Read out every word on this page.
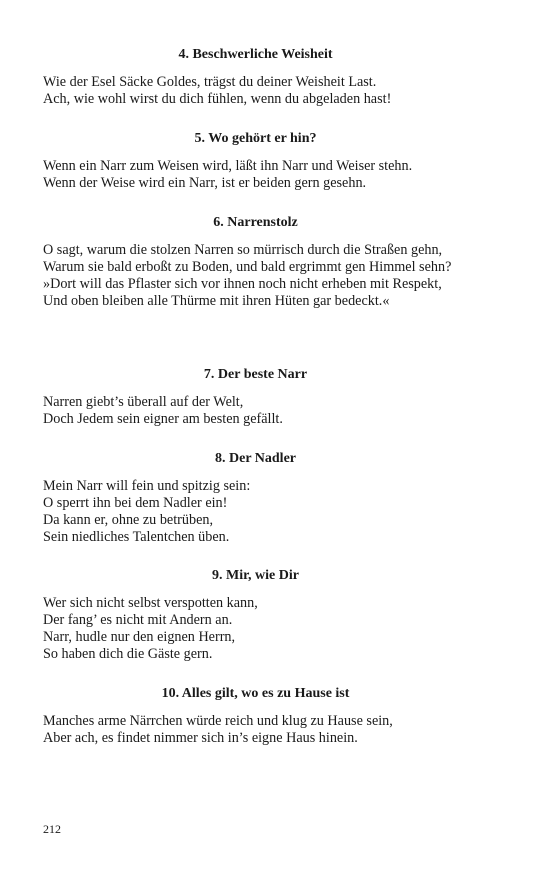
4. Beschwerliche Weisheit
Wie der Esel Säcke Goldes, trägst du deiner Weisheit Last.
Ach, wie wohl wirst du dich fühlen, wenn du abgeladen hast!
5. Wo gehört er hin?
Wenn ein Narr zum Weisen wird, läßt ihn Narr und Weiser stehn.
Wenn der Weise wird ein Narr, ist er beiden gern gesehn.
6. Narrenstolz
O sagt, warum die stolzen Narren so mürrisch durch die Straßen gehn,
Warum sie bald erboßt zu Boden, und bald ergrimmt gen Himmel sehn?
»Dort will das Pflaster sich vor ihnen noch nicht erheben mit Respekt,
Und oben bleiben alle Thürme mit ihren Hüten gar bedeckt.«
7. Der beste Narr
Narren giebt’s überall auf der Welt,
Doch Jedem sein eigner am besten gefällt.
8. Der Nadler
Mein Narr will fein und spitzig sein:
O sperrt ihn bei dem Nadler ein!
Da kann er, ohne zu betrüben,
Sein niedliches Talentchen üben.
9. Mir, wie Dir
Wer sich nicht selbst verspotten kann,
Der fang’ es nicht mit Andern an.
Narr, hudle nur den eignen Herrn,
So haben dich die Gäste gern.
10. Alles gilt, wo es zu Hause ist
Manches arme Närrchen würde reich und klug zu Hause sein,
Aber ach, es findet nimmer sich in’s eigne Haus hinein.
212
